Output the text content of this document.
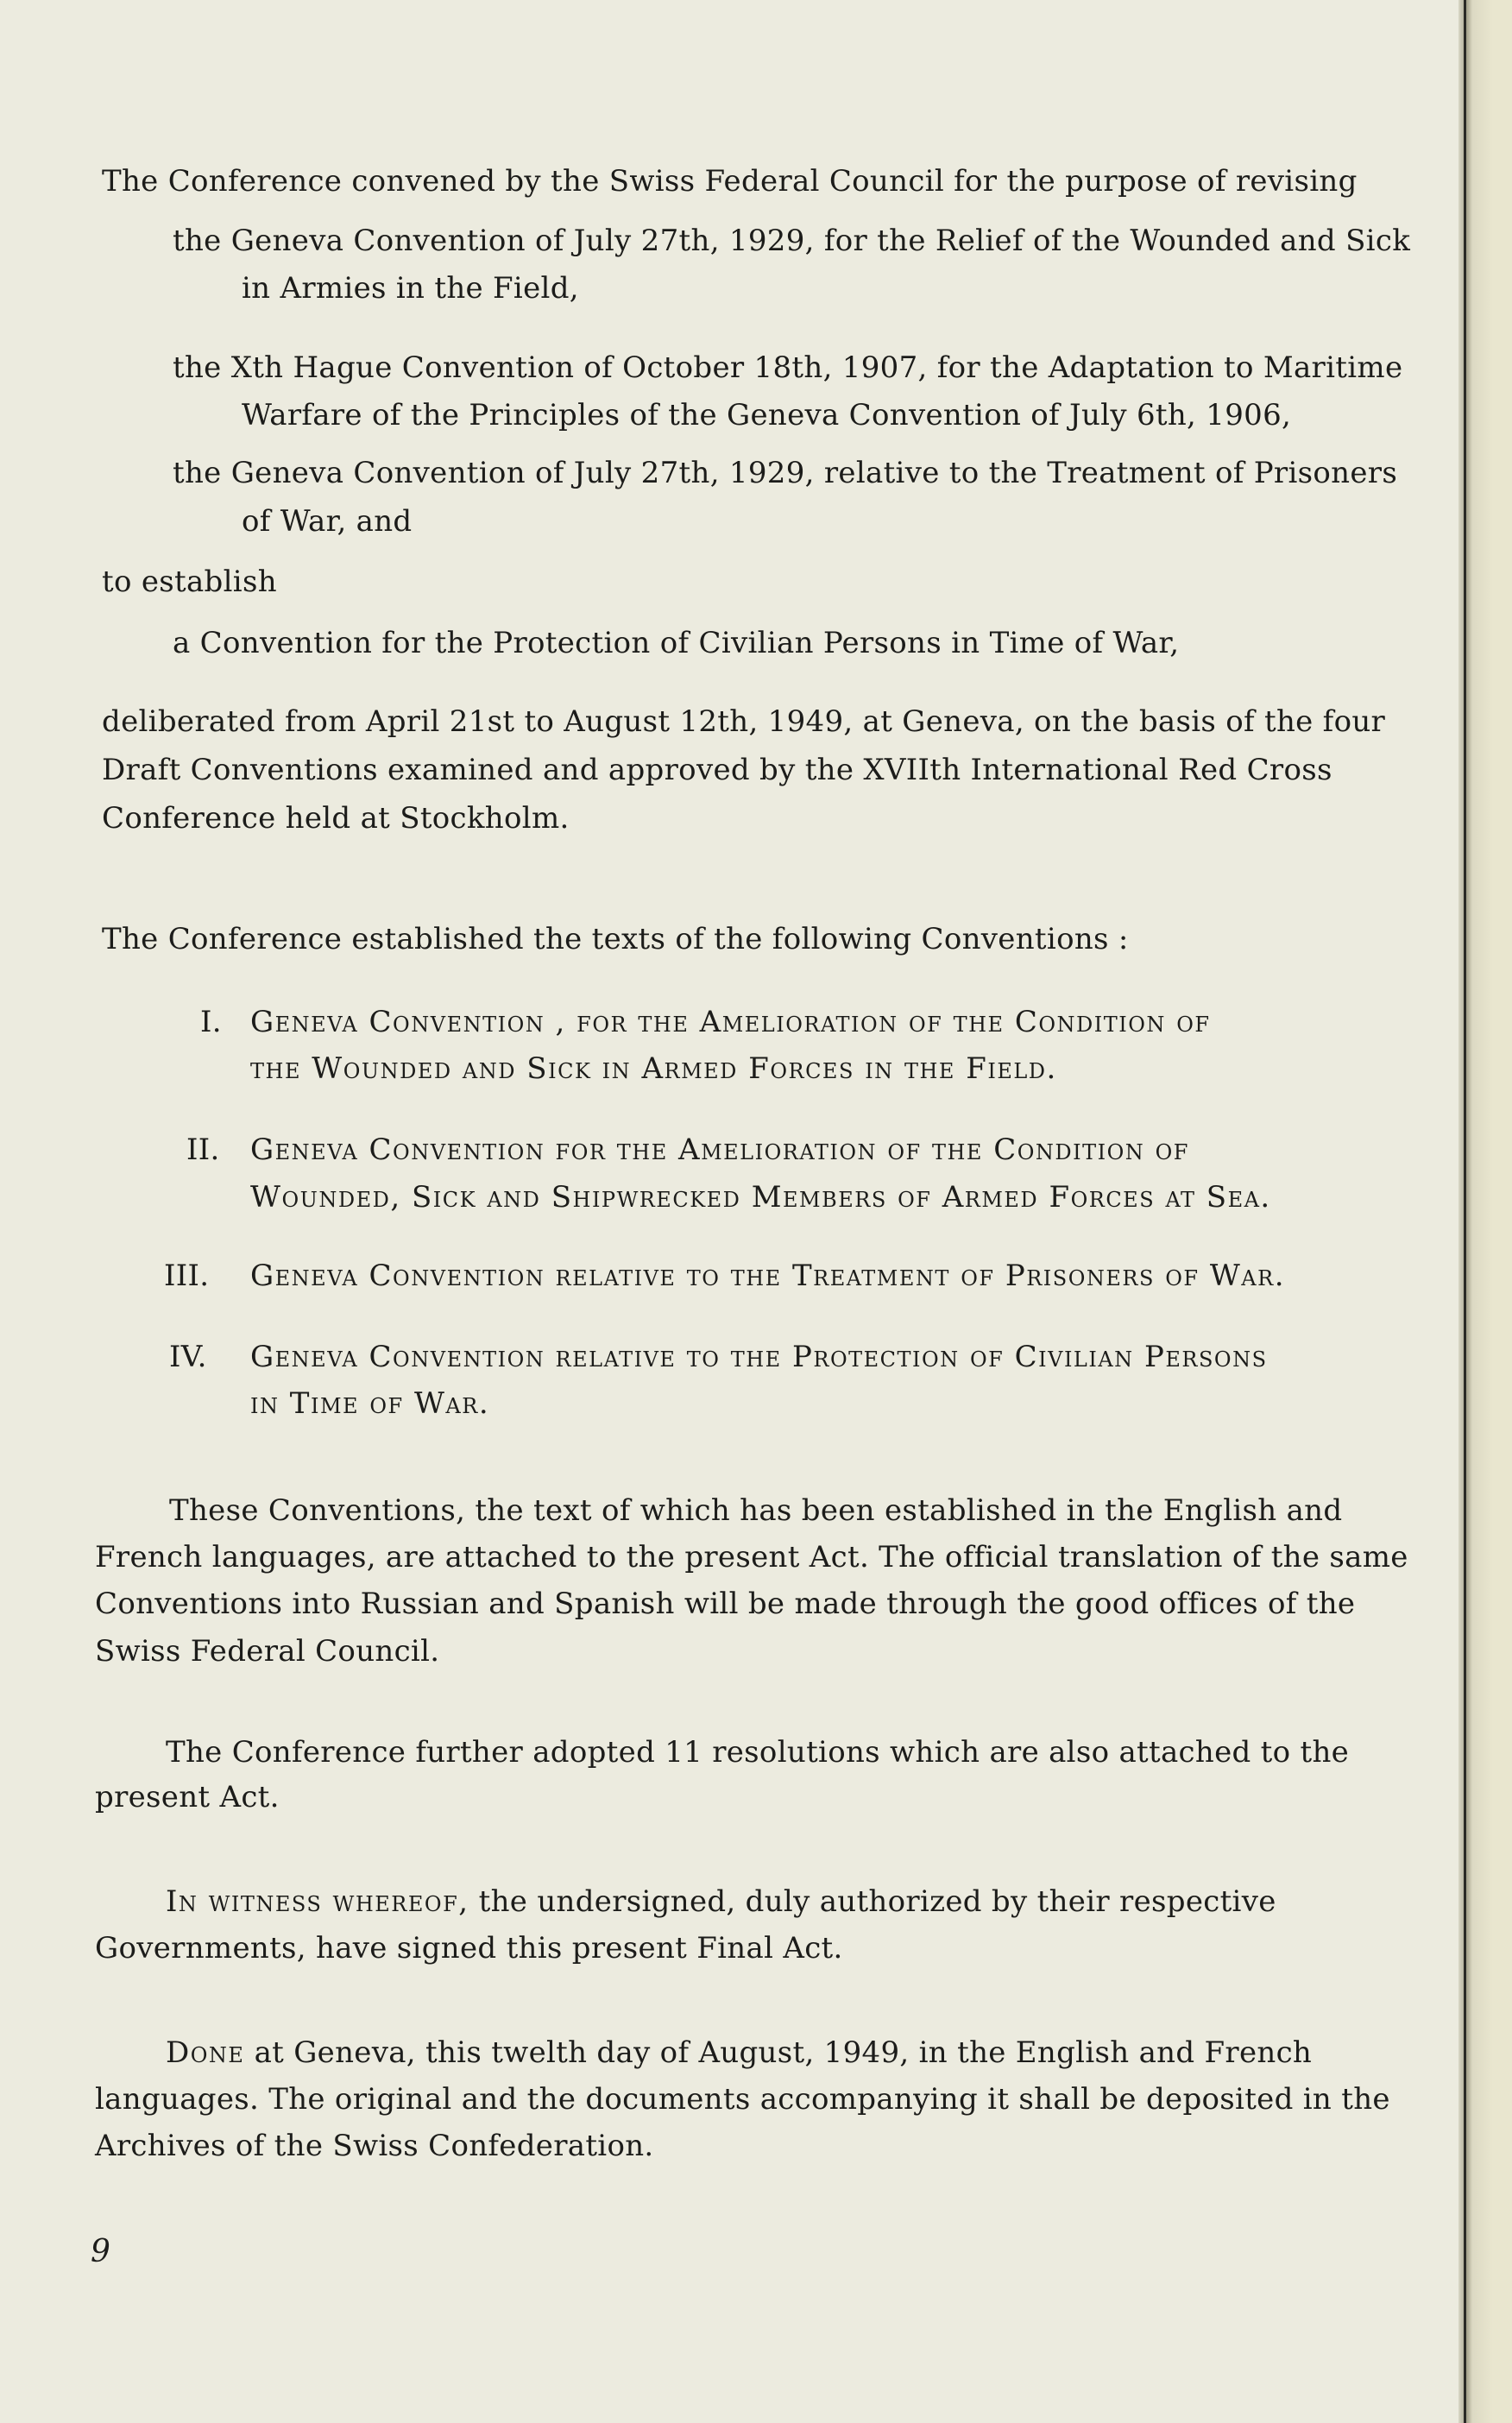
The Conference convened by the Swiss Federal Council for the purpose of revising
the Geneva Convention of July 27th, 1929, for the Relief of the Wounded and Sick
in Armies in the Field,
the Xth Hague Convention of October 18th, 1907, for the Adaptation to Maritime
Warfare of the Principles of the Geneva Convention of July 6th, 1906,
the Geneva Convention of July 27th, 1929, relative to the Treatment of Prisoners
of War, and
to establish
a Convention for the Protection of Civilian Persons in Time of War,
deliberated from April 21st to August 12th, 1949, at Geneva, on the basis of the four
Draft Conventions examined and approved by the XVIIth International Red Cross
Conference held at Stockholm.
The Conference established the texts of the following Conventions :
I. Geneva Convention , for the Amelioration of the Condition of
the Wounded and Sick in Armed Forces in the Field.
II. Geneva Convention for the Amelioration of the Condition of
Wounded, Sick and Shipwrecked Members of Armed Forces at Sea.
III. Geneva Convention relative to the Treatment of Prisoners of War.
IV. Geneva Convention relative to the Protection of Civilian Persons
in Time of War.
These Conventions, the text of which has been established in the English and
French languages, are attached to the present Act. The official translation of the same
Conventions into Russian and Spanish will be made through the good offices of the
Swiss Federal Council.
The Conference further adopted 11 resolutions which are also attached to the
present Act.
In witness whereof, the undersigned, duly authorized by their respective
Governments, have signed this present Final Act.
Done at Geneva, this twelth day of August, 1949, in the English and French
languages. The original and the documents accompanying it shall be deposited in the
Archives of the Swiss Confederation.
9
